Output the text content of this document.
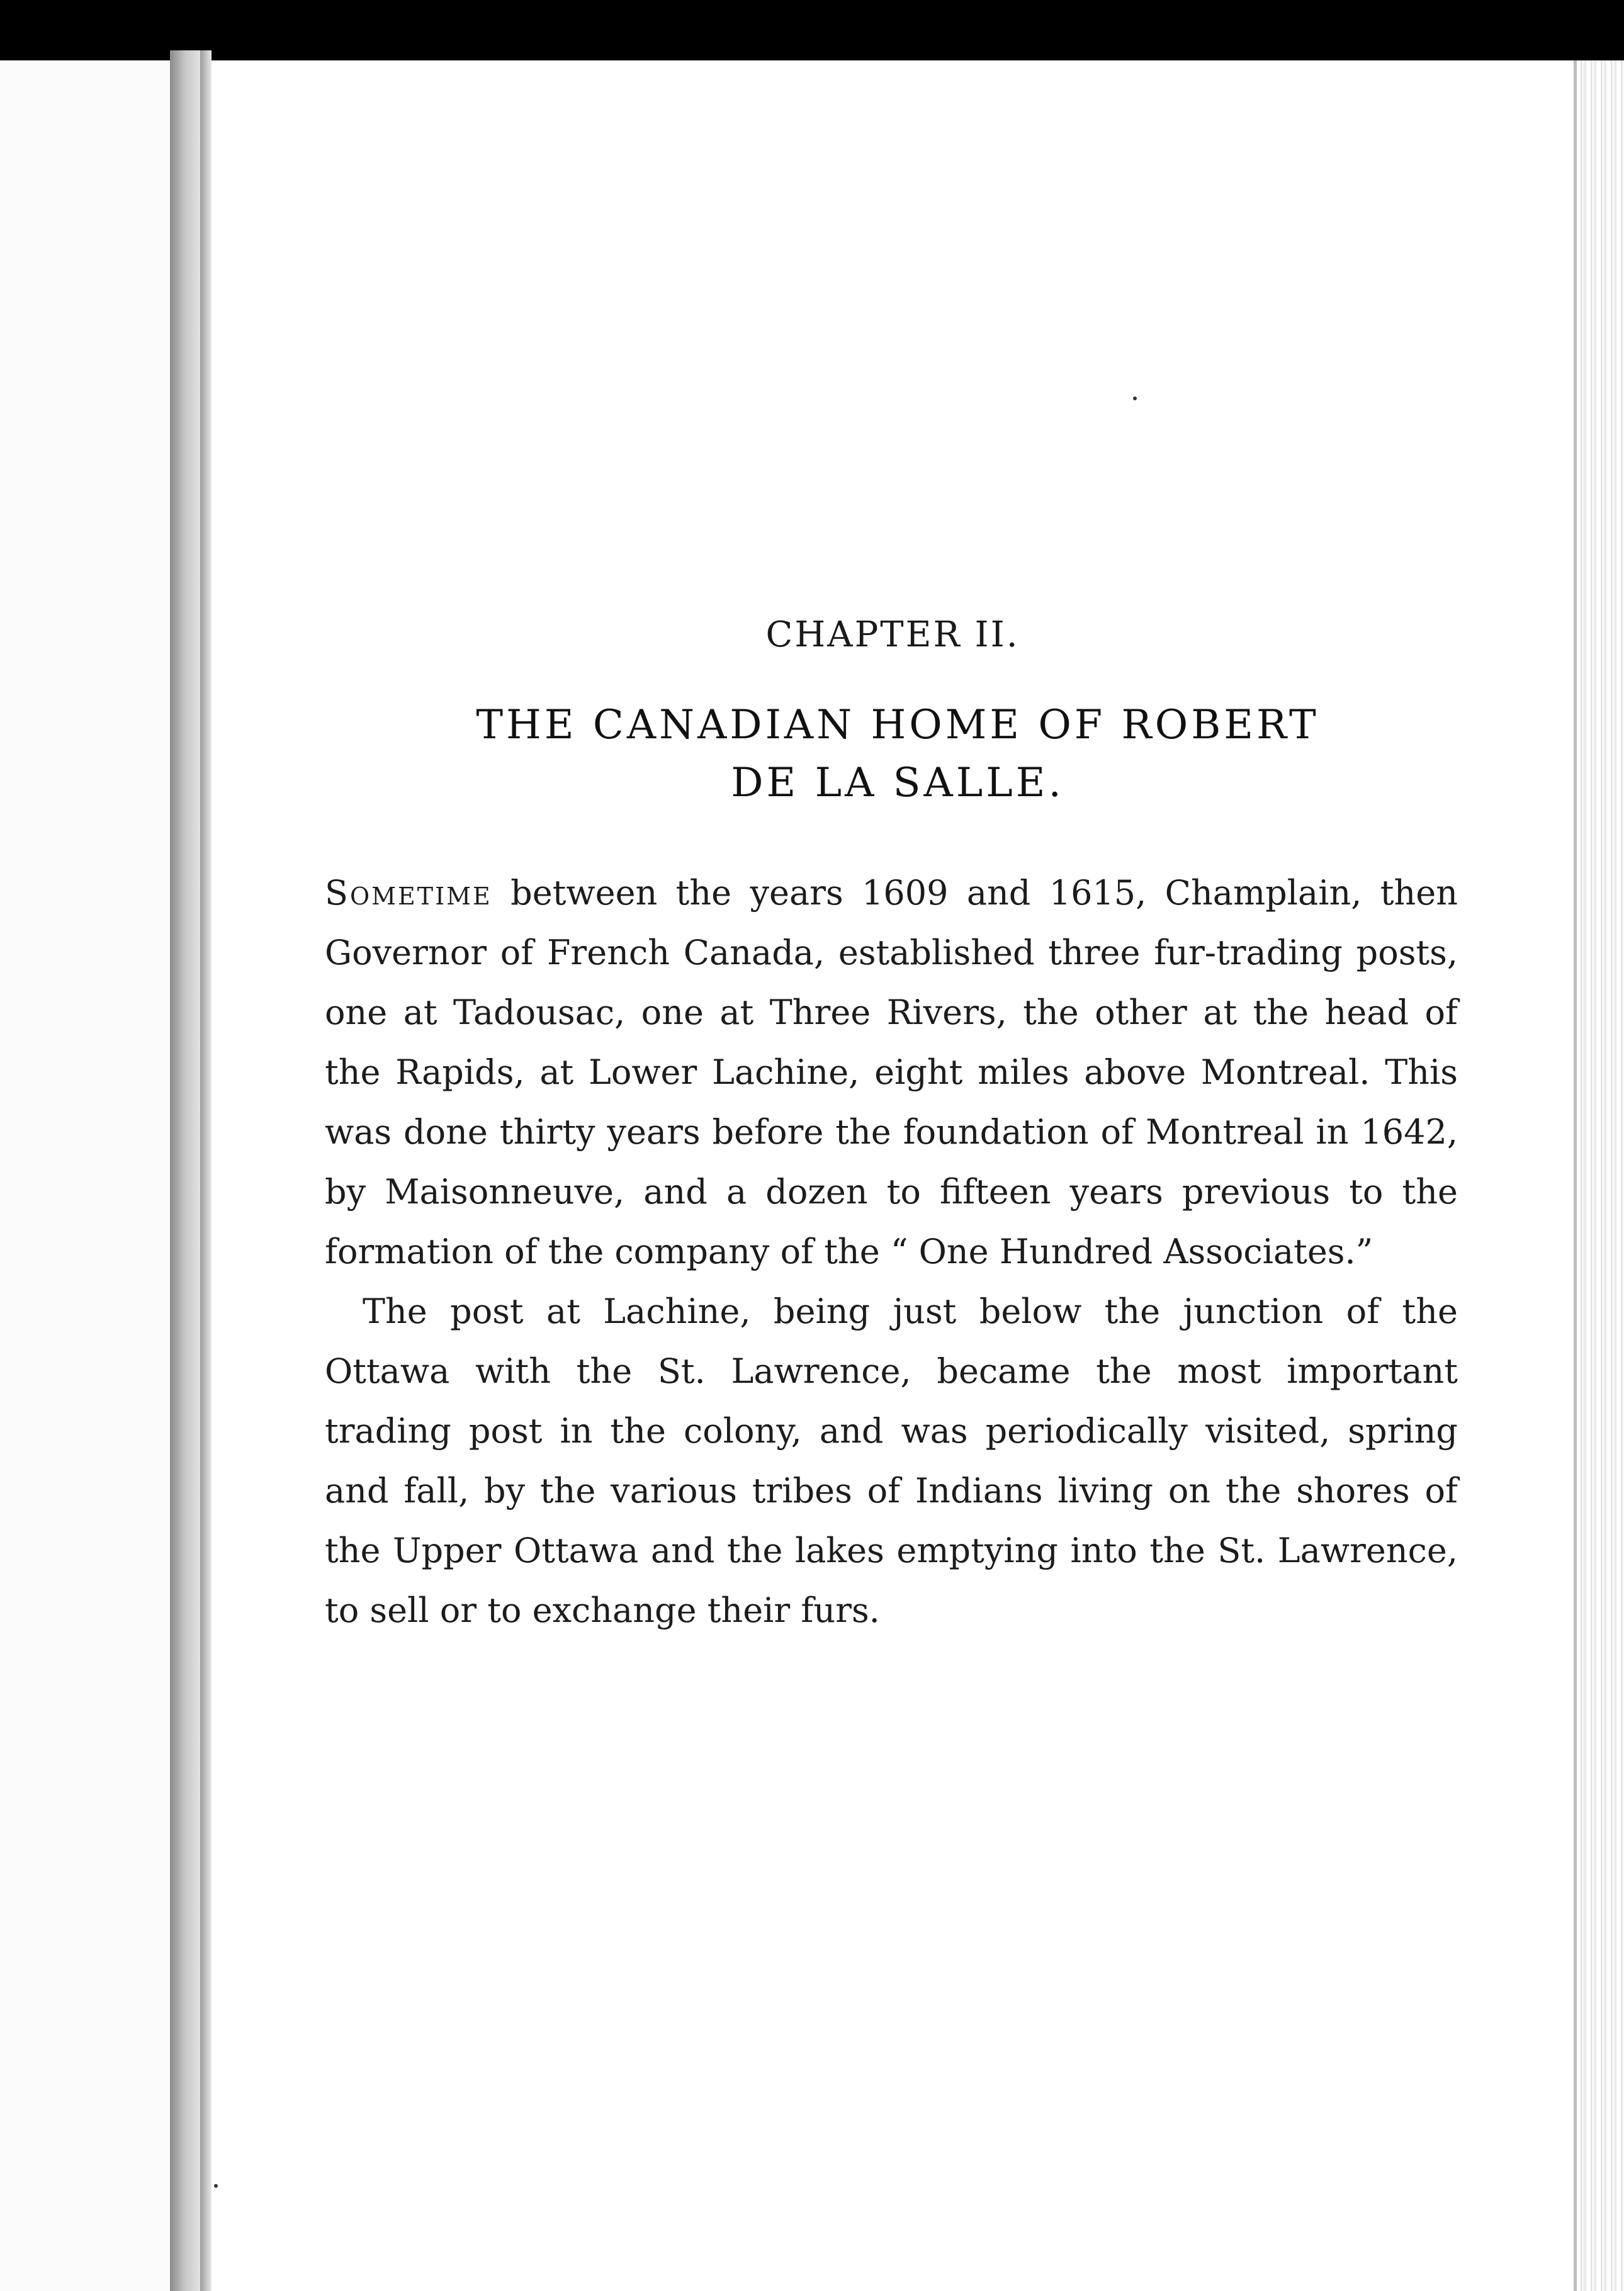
CHAPTER II.
THE CANADIAN HOME OF ROBERT
DE LA SALLE.

Sometime between the years 1609 and 1615, Champlain, then Governor of French Canada, established three fur-trading posts, one at Tadousac, one at Three Rivers, the other at the head of the Rapids, at Lower Lachine, eight miles above Montreal. This was done thirty years before the foundation of Montreal in 1642, by Maisonneuve, and a dozen to fifteen years previous to the formation of the company of the “ One Hundred Associates.”

The post at Lachine, being just below the junction of the Ottawa with the St. Lawrence, became the most important trading post in the colony, and was periodically visited, spring and fall, by the various tribes of Indians living on the shores of the Upper Ottawa and the lakes emptying into the St. Lawrence, to sell or to exchange their furs.
